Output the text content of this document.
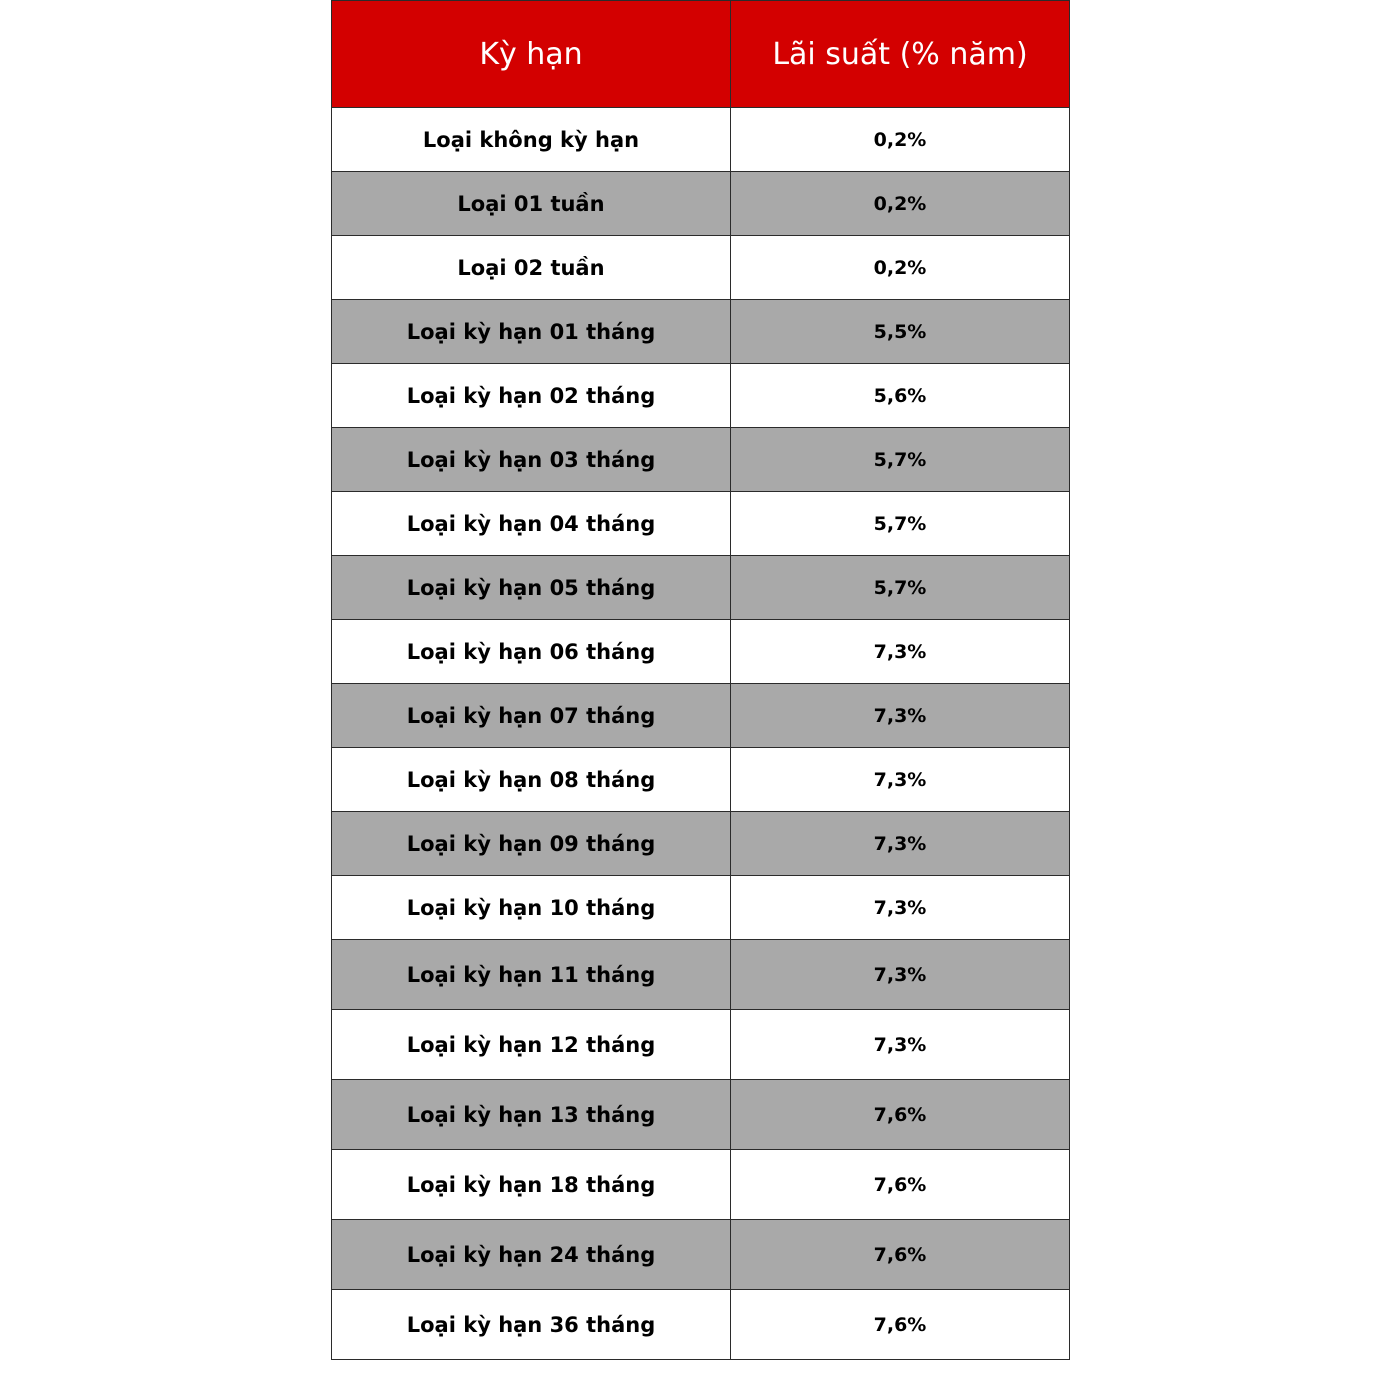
Kỳ hạn	Lãi suất (% năm)
Loại không kỳ hạn	0,2%
Loại 01 tuần	0,2%
Loại 02 tuần	0,2%
Loại kỳ hạn 01 tháng	5,5%
Loại kỳ hạn 02 tháng	5,6%
Loại kỳ hạn 03 tháng	5,7%
Loại kỳ hạn 04 tháng	5,7%
Loại kỳ hạn 05 tháng	5,7%
Loại kỳ hạn 06 tháng	7,3%
Loại kỳ hạn 07 tháng	7,3%
Loại kỳ hạn 08 tháng	7,3%
Loại kỳ hạn 09 tháng	7,3%
Loại kỳ hạn 10 tháng	7,3%
Loại kỳ hạn 11 tháng	7,3%
Loại kỳ hạn 12 tháng	7,3%
Loại kỳ hạn 13 tháng	7,6%
Loại kỳ hạn 18 tháng	7,6%
Loại kỳ hạn 24 tháng	7,6%
Loại kỳ hạn 36 tháng	7,6%
